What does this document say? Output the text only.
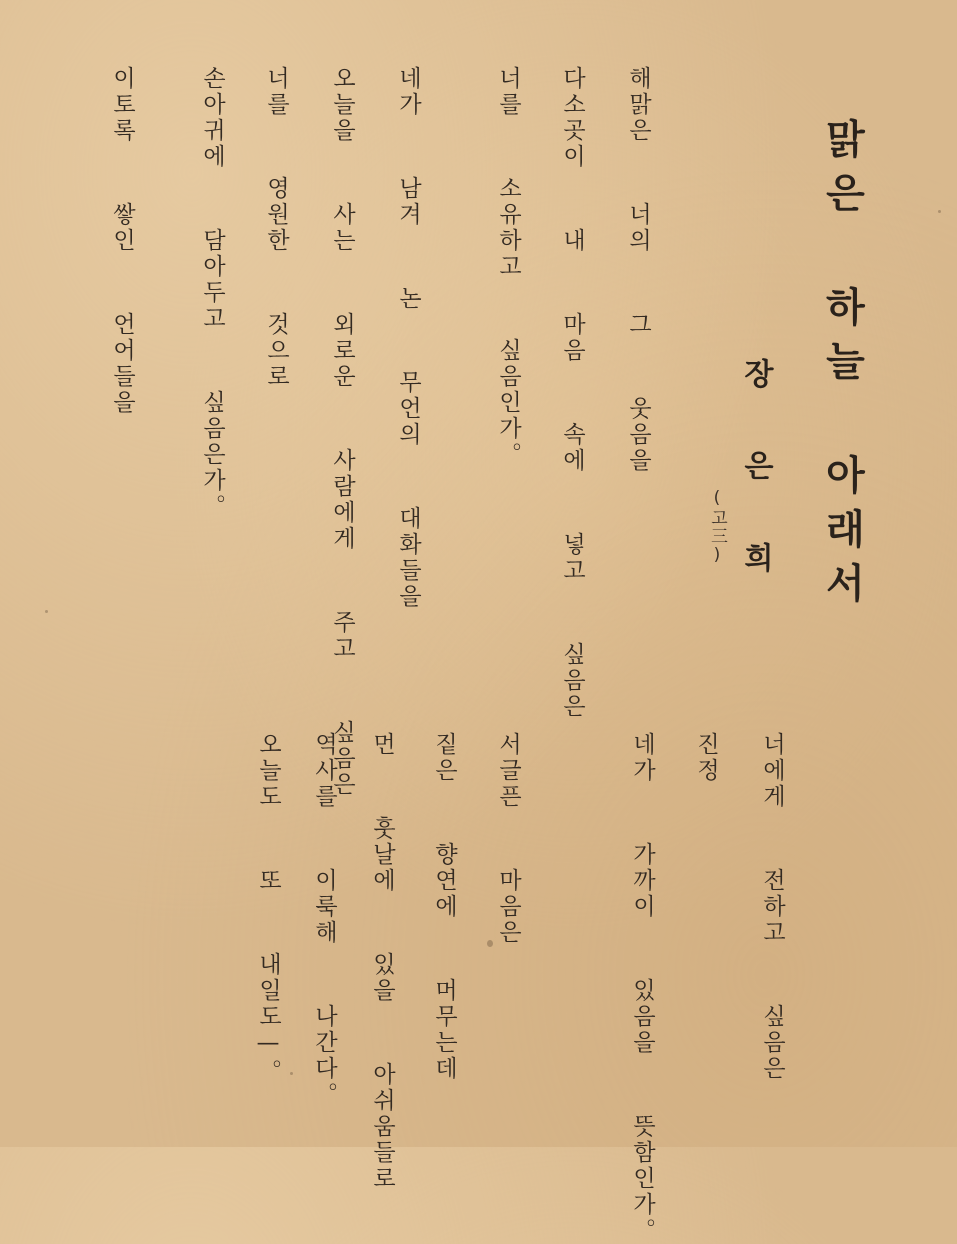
맑은 하늘 아래서
장은희
(고三)
해맑은  너의  그  웃음을
다소곳이  내  마음  속에  넣고  싶음은
너를  소유하고  싶음인가。
네가  남겨  논  무언의  대화들을
오늘을  사는  외로운  사람에게  주고  싶음은
너를  영원한  것으로
손아귀에  담아두고  싶음은가。
이토록  쌓인  언어들을
너에게  전하고  싶음은
진정
네가  가까이  있음을  뜻함인가。
서글픈  마음은
짙은  향연에  머무는데
먼  훗날에  있을  아쉬움들로
역사를  이룩해  나간다。
오늘도  또  내일도—。
